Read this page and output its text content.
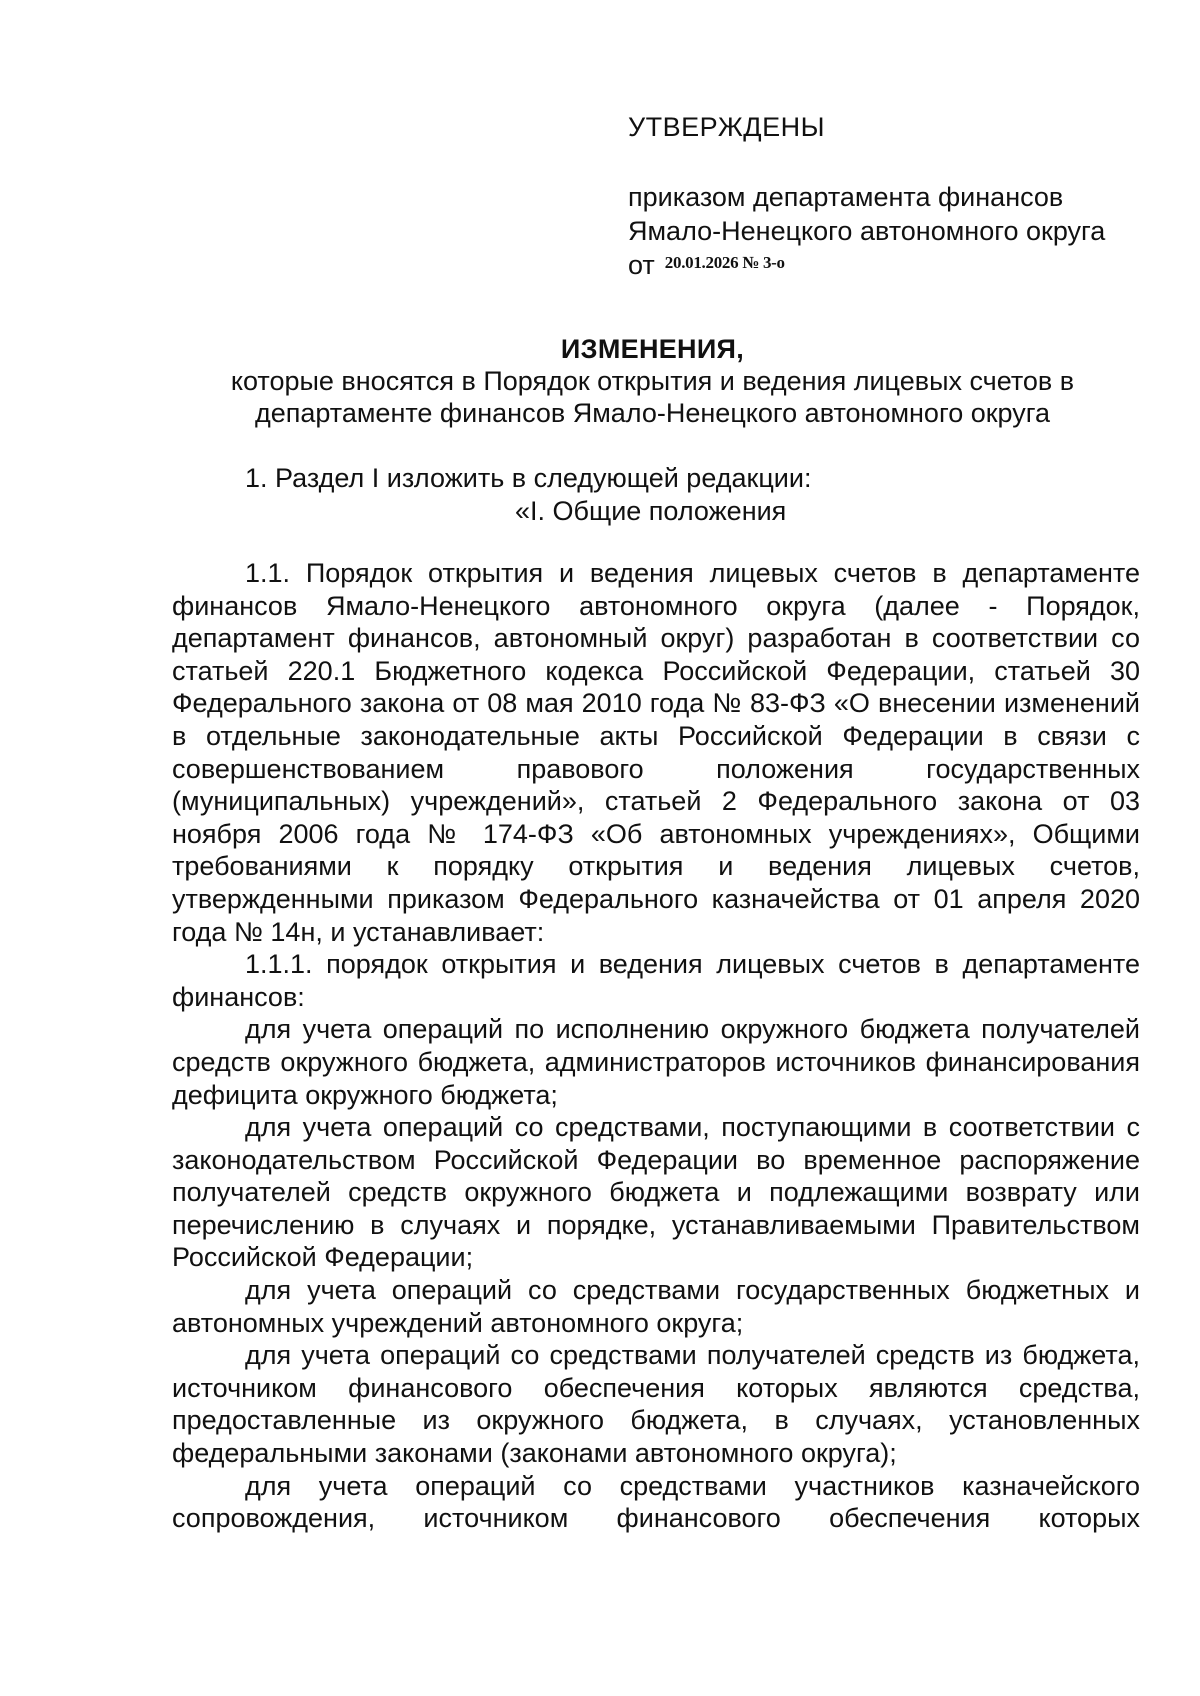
УТВЕРЖДЕНЫ

приказом департамента финансов

Ямало-Ненецкого автономного округа

от 20.01.2026 № 3-о

ИЗМЕНЕНИЯ,

которые вносятся в Порядок открытия и ведения лицевых счетов в

департаменте финансов Ямало-Ненецкого автономного округа

1. Раздел I изложить в следующей редакции:

«I. Общие положения

1.1. Порядок открытия и ведения лицевых счетов в департаменте финансов Ямало-Ненецкого автономного округа (далее - Порядок, департамент финансов, автономный округ) разработан в соответствии со статьей 220.1 Бюджетного кодекса Российской Федерации, статьей 30 Федерального закона от 08 мая 2010 года № 83-ФЗ «О внесении изменений в отдельные законодательные акты Российской Федерации в связи с совершенствованием правового положения государственных (муниципальных) учреждений», статьей 2 Федерального закона от 03 ноября 2006 года № 174-ФЗ «Об автономных учреждениях», Общими требованиями к порядку открытия и ведения лицевых счетов, утвержденными приказом Федерального казначейства от 01 апреля 2020 года № 14н, и устанавливает:

1.1.1. порядок открытия и ведения лицевых счетов в департаменте финансов:

для учета операций по исполнению окружного бюджета получателей средств окружного бюджета, администраторов источников финансирования дефицита окружного бюджета;

для учета операций со средствами, поступающими в соответствии с законодательством Российской Федерации во временное распоряжение получателей средств окружного бюджета и подлежащими возврату или перечислению в случаях и порядке, устанавливаемыми Правительством Российской Федерации;

для учета операций со средствами государственных бюджетных и автономных учреждений автономного округа;

для учета операций со средствами получателей средств из бюджета, источником финансового обеспечения которых являются средства, предоставленные из окружного бюджета, в случаях, установленных федеральными законами (законами автономного округа);

для учета операций со средствами участников казначейского сопровождения, источником финансового обеспечения которых
